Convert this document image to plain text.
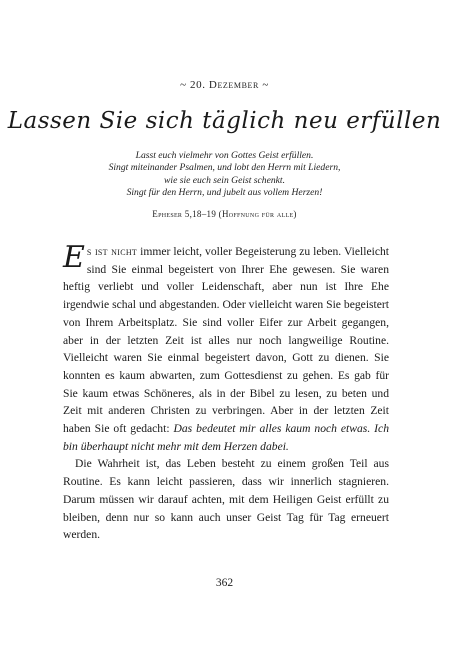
~ 20. Dezember ~
Lassen Sie sich täglich neu erfüllen
Lasst euch vielmehr von Gottes Geist erfüllen.
Singt miteinander Psalmen, und lobt den Herrn mit Liedern,
wie sie euch sein Geist schenkt.
Singt für den Herrn, und jubelt aus vollem Herzen!
Epheser 5,18–19 (Hoffnung für alle)

Es ist nicht immer leicht, voller Begeisterung zu leben. Vielleicht sind Sie einmal begeistert von Ihrer Ehe gewesen. Sie waren heftig verliebt und voller Leidenschaft, aber nun ist Ihre Ehe irgendwie schal und abgestanden. Oder vielleicht waren Sie begeistert von Ihrem Arbeitsplatz. Sie sind voller Eifer zur Arbeit gegangen, aber in der letzten Zeit ist alles nur noch langweilige Routine. Vielleicht waren Sie einmal begeistert davon, Gott zu dienen. Sie konnten es kaum abwarten, zum Gottesdienst zu gehen. Es gab für Sie kaum etwas Schöneres, als in der Bibel zu lesen, zu beten und Zeit mit anderen Christen zu verbringen. Aber in der letzten Zeit haben Sie oft gedacht: Das bedeutet mir alles kaum noch etwas. Ich bin überhaupt nicht mehr mit dem Herzen dabei.

Die Wahrheit ist, das Leben besteht zu einem großen Teil aus Routine. Es kann leicht passieren, dass wir innerlich stagnieren. Darum müssen wir darauf achten, mit dem Heiligen Geist erfüllt zu bleiben, denn nur so kann auch unser Geist Tag für Tag erneuert werden.

362
